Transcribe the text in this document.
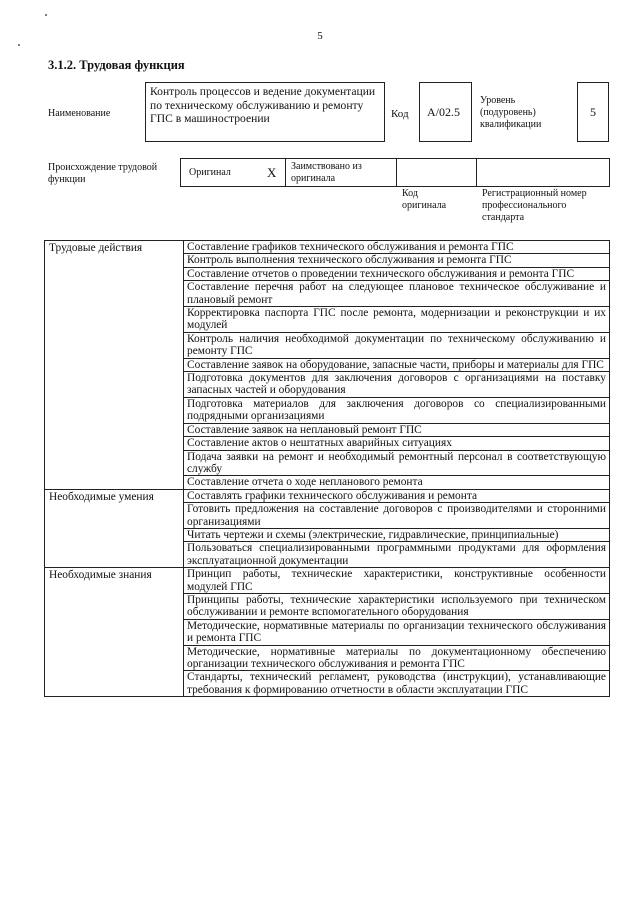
5
3.1.2. Трудовая функция
Наименование
Контроль процессов и ведение документации по техническому обслуживанию и ремонту ГПС в машиностроении	Код A/02.5
Уровень (подуровень) квалификации
5
Происхождение трудовой функции
Оригинал	X Заимствовано из оригинала
Код оригинала
Регистрационный номер профессионального стандарта
Трудовые действия	Составление графиков технического обслуживания и ремонта ГПС
	Контроль выполнения технического обслуживания и ремонта ГПС
	Составление отчетов о проведении технического обслуживания и ремонта ГПС
	Составление перечня работ на следующее плановое техническое обслуживание и плановый ремонт
	Корректировка паспорта ГПС после ремонта, модернизации и реконструкции и их модулей
	Контроль наличия необходимой документации по техническому обслуживанию и ремонту ГПС
	Составление заявок на оборудование, запасные части, приборы и материалы для ГПС
	Подготовка документов для заключения договоров с организациями на поставку запасных частей и оборудования
	Подготовка материалов для заключения договоров со специализированными подрядными организациями
	Составление заявок на неплановый ремонт ГПС
	Составление актов о нештатных аварийных ситуациях
	Подача заявки на ремонт и необходимый ремонтный персонал в соответствующую службу
	Составление отчета о ходе непланового ремонта
Необходимые умения	Составлять графики технического обслуживания и ремонта
	Готовить предложения на составление договоров с производителями и сторонними организациями
	Читать чертежи и схемы (электрические, гидравлические, принципиальные)
	Пользоваться специализированными программными продуктами для оформления эксплуатационной документации
Необходимые знания	Принцип работы, технические характеристики, конструктивные особенности модулей ГПС
	Принципы работы, технические характеристики используемого при техническом обслуживании и ремонте вспомогательного оборудования
	Методические, нормативные материалы по организации технического обслуживания и ремонта ГПС
	Методические, нормативные материалы по документационному обеспечению организации технического обслуживания и ремонта ГПС
	Стандарты, технический регламент, руководства (инструкции), устанавливающие требования к формированию отчетности в области эксплуатации ГПС
